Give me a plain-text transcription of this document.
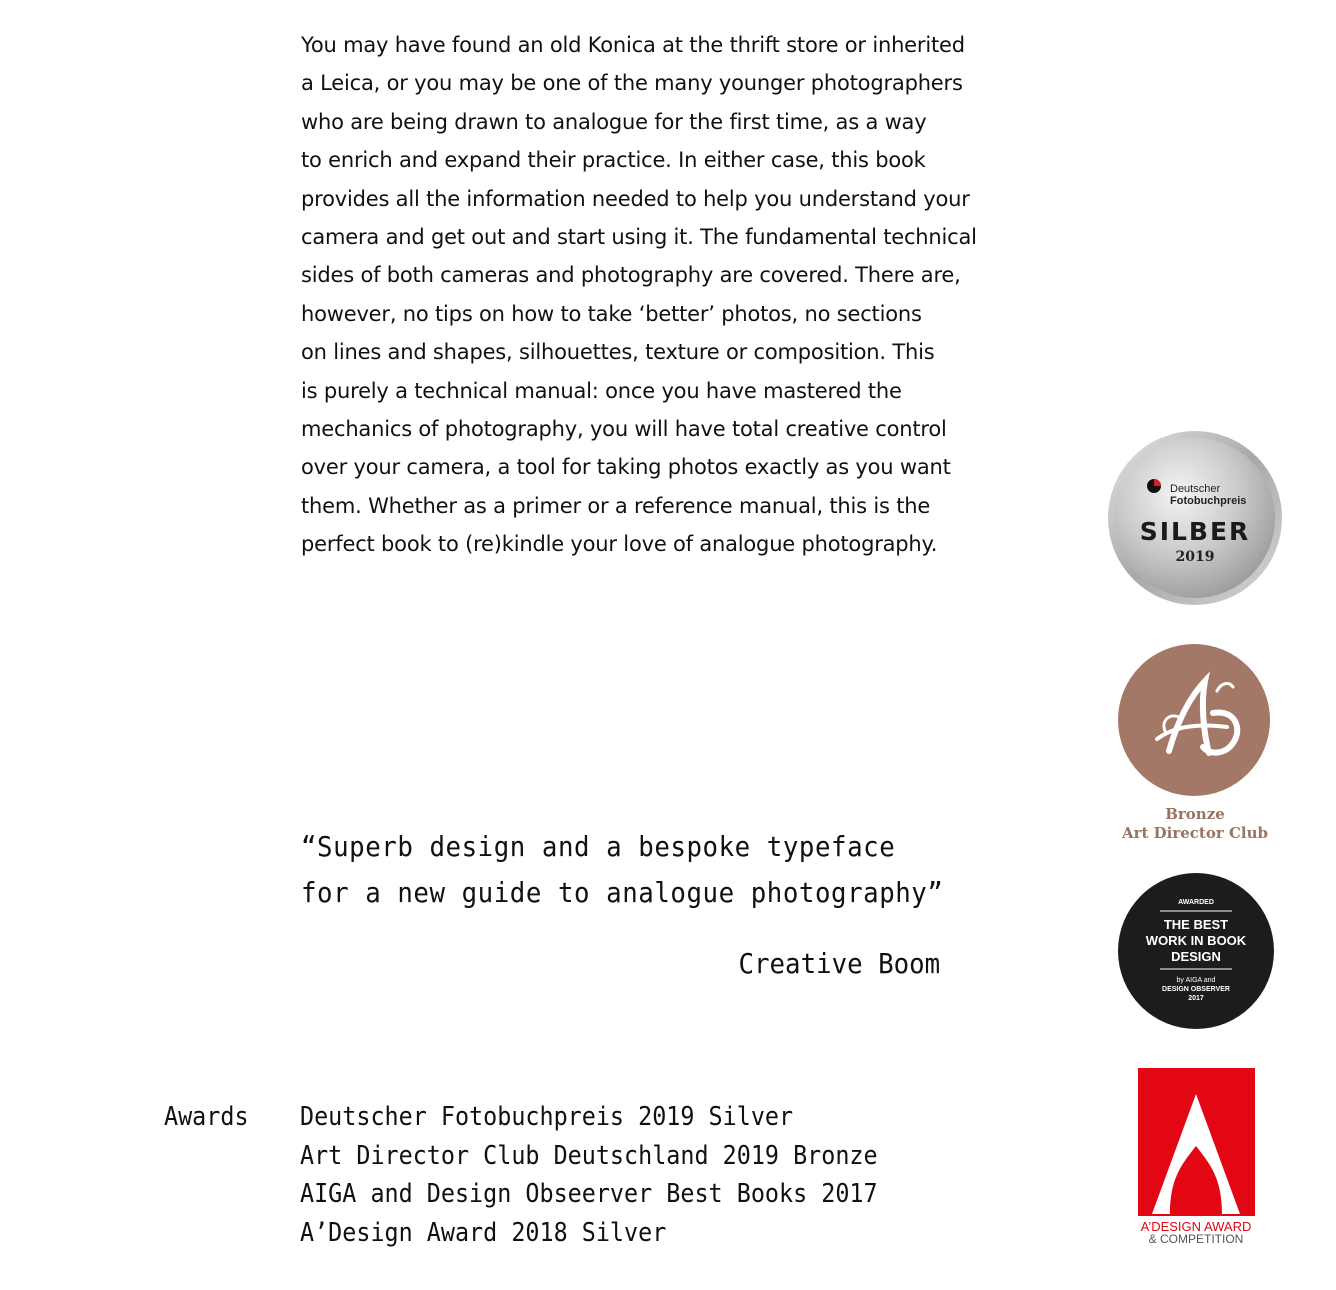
You may have found an old Konica at the thrift store or inherited
a Leica, or you may be one of the many younger photographers
who are being drawn to analogue for the first time, as a way
to enrich and expand their practice. In either case, this book
provides all the information needed to help you understand your
camera and get out and start using it. The fundamental technical
sides of both cameras and photography are covered. There are,
however, no tips on how to take ‘better’ photos, no sections
on lines and shapes, silhouettes, texture or composition. This
is purely a technical manual: once you have mastered the
mechanics of photography, you will have total creative control
over your camera, a tool for taking photos exactly as you want
them. Whether as a primer or a reference manual, this is the
perfect book to (re)kindle your love of analogue photography.
“Superb design and a bespoke typeface
for a new guide to analogue photography”
Creative Boom
Awards Deutscher Fotobuchpreis 2019 Silver
Art Director Club Deutschland 2019 Bronze
AIGA and Design Obseerver Best Books 2017
A’Design Award 2018 Silver
Deutscher
Fotobuchpreis
SILBER
2019
Bronze
Art Director Club
AWARDED
THE BEST
WORK IN BOOK
DESIGN
by AIGA and
DESIGN OBSERVER
2017
A’DESIGN AWARD
& COMPETITION
